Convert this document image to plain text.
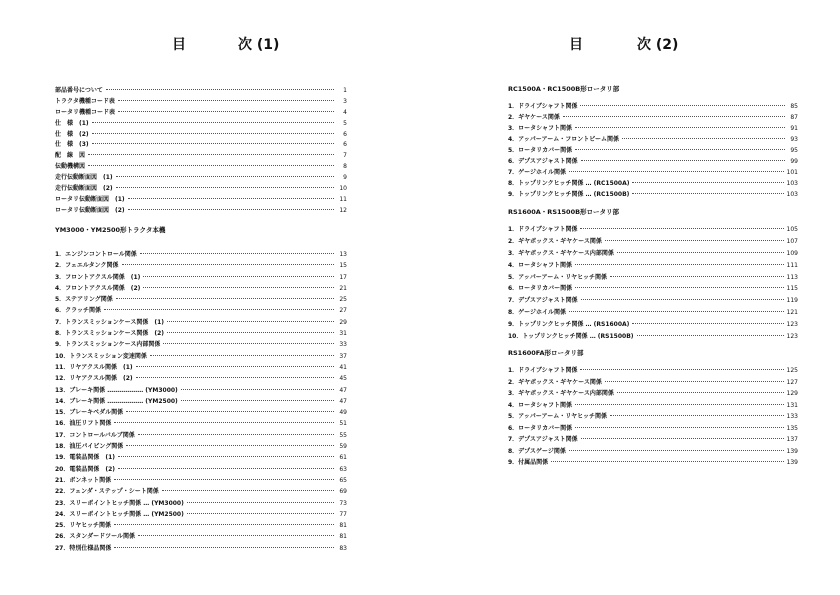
目	次 (1)	目	次 (2)
部品番号について	1
トラクタ機種コード表	3
ロータリ機種コード表	4
仕　様　(1)	5
仕　様　(2)	6
仕　様　(3)	6
配　線　図	7
伝動機構図	8
走行伝動断面図　(1)	9
走行伝動断面図　(2)	10
ロータリ伝動断面図　(1)	11
ロータリ伝動断面図　(2)	12
YM3000・YM2500形トラクタ本機
1．エンジンコントロール関係	13
2．フェエルタンク関係	15
3．フロントアクスル関係　(1)	17
4．フロントアクスル関係　(2)	21
5．ステアリング関係	25
6．クラッチ関係	27
7．トランスミッションケース関係　(1)	29
8．トランスミッションケース関係　(2)	31
9．トランスミッションケース内部関係	33
10．トランスミッション変速関係	37
11．リヤアクスル関係　(1)	41
12．リヤアクスル関係　(2)	45
13．ブレーキ関係 ……………… (YM3000)	47
14．ブレーキ関係 ……………… (YM2500)	47
15．ブレーキペダル関係	49
16．油圧リフト関係	51
17．コントロールバルブ関係	55
18．油圧パイピング関係	59
19．電装品関係　(1)	61
20．電装品関係　(2)	63
21．ボンネット関係	65
22．フェンダ・ステップ・シート関係	69
23．スリーポイントヒッチ関係 … (YM3000)	73
24．スリーポイントヒッチ関係 … (YM2500)	77
25．リヤヒッチ関係	81
26．スタンダードツール関係	81
27．特別仕様品関係	83
RC1500A・RC1500B形ロータリ部
1．ドライブシャフト関係	85
2．ギヤケース関係	87
3．ロータシャフト関係	91
4．アッパーアーム・フロントビーム関係	93
5．ロータリカバー関係	95
6．デプスアジャスト関係	99
7．ゲージホイル関係	101
8．トップリンクヒッチ関係 … (RC1500A)	103
9．トップリンクヒッチ関係 … (RC1500B)	103
RS1600A・RS1500B形ロータリ部
1．ドライブシャフト関係	105
2．ギヤボックス・ギヤケース関係	107
3．ギヤボックス・ギヤケース内部関係	109
4．ロータシャフト関係	111
5．アッパーアーム・リヤヒッチ関係	113
6．ロータリカバー関係	115
7．デプスアジャスト関係	119
8．ゲージホイル関係	121
9．トップリンクヒッチ関係 … (RS1600A)	123
10．トップリンクヒッチ関係 … (RS1500B)	123
RS1600FA形ロータリ部
1．ドライブシャフト関係	125
2．ギヤボックス・ギヤケース関係	127
3．ギヤボックス・ギヤケース内部関係	129
4．ロータシャフト関係	131
5．アッパーアーム・リヤヒッチ関係	133
6．ロータリカバー関係	135
7．デプスアジャスト関係	137
8．デプスゲージ関係	139
9．付属品関係	139
